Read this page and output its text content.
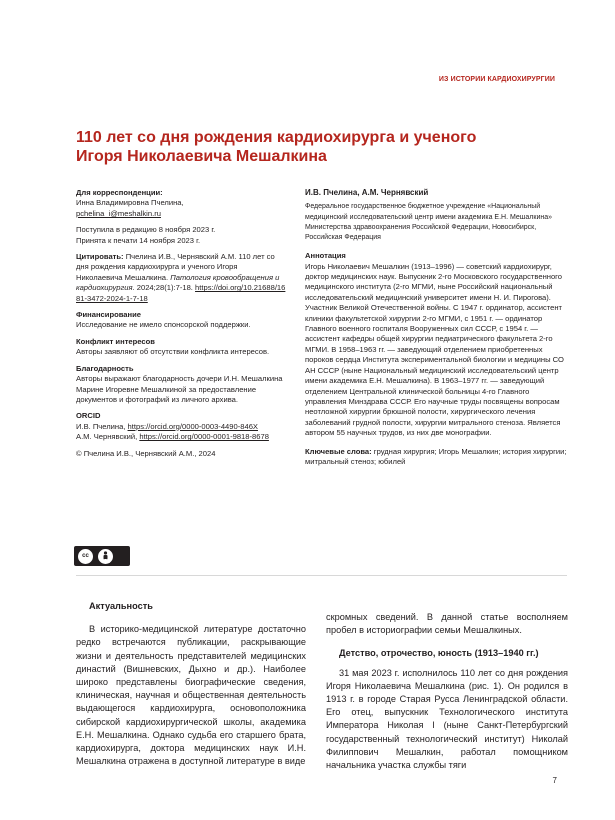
ИЗ ИСТОРИИ КАРДИОХИРУРГИИ
110 лет со дня рождения кардиохирурга и ученого Игоря Николаевича Мешалкина
Для корреспонденции:
Инна Владимировна Пчелина,
pchelina_i@meshalkin.ru
Поступила в редакцию 8 ноября 2023 г.
Принята к печати 14 ноября 2023 г.
Цитировать: Пчелина И.В., Чернявский А.М. 110 лет со дня рождения кардиохирурга и ученого Игоря Николаевича Мешалкина. Патология кровообращения и кардиохирургия. 2024;28(1):7-18. https://doi.org/10.21688/1681-3472-2024-1-7-18
Финансирование
Исследование не имело спонсорской поддержки.
Конфликт интересов
Авторы заявляют об отсутствии конфликта интересов.
Благодарность
Авторы выражают благодарность дочери И.Н. Мешалкина Марине Игоревне Мешалкиной за предоставление документов и фотографий из личного архива.
ORCID
И.В. Пчелина, https://orcid.org/0000-0003-4490-846X
А.М. Чернявский, https://orcid.org/0000-0001-9818-8678
© Пчелина И.В., Чернявский А.М., 2024
И.В. Пчелина, А.М. Чернявский
Федеральное государственное бюджетное учреждение «Национальный медицинский исследовательский центр имени академика Е.Н. Мешалкина» Министерства здравоохранения Российской Федерации, Новосибирск, Российская Федерация
Аннотация
Игорь Николаевич Мешалкин (1913–1996) — советский кардиохирург, доктор медицинских наук. Выпускник 2-го Московского государственного медицинского института (2-го МГМИ, ныне Российский национальный исследовательский медицинский университет имени Н. И. Пирогова). Участник Великой Отечественной войны. С 1947 г. ординатор, ассистент клиники факультетской хирургии 2-го МГМИ, с 1951 г. — ординатор Главного военного госпиталя Вооруженных сил СССР, с 1954 г. — ассистент кафедры общей хирургии педиатрического факультета 2-го МГМИ. В 1958–1963 гг. — заведующий отделением приобретенных пороков сердца Института экспериментальной биологии и медицины СО АН СССР (ныне Национальный медицинский исследовательский центр имени академика Е.Н. Мешалкина). В 1963–1977 гг. — заведующий отделением Центральной клинической больницы 4-го Главного управления Минздрава СССР. Его научные труды посвящены вопросам неотложной хирургии брюшной полости, хирургического лечения заболеваний грудной полости, хирургии митрального стеноза. Является автором 55 научных трудов, из них две монографии.
Ключевые слова: грудная хирургия; Игорь Мешалкин; история хирургии; митральный стеноз; юбилей
cc
BY
Актуальность

В историко-медицинской литературе достаточно редко встречаются публикации, раскрывающие жизни и деятельность представителей медицинских династий (Вишневских, Дыхно и др.). Наиболее широко представлены биографические сведения, клиническая, научная и общественная деятельность выдающегося кардиохирурга, основоположника сибирской кардиохирургической школы, академика Е.Н. Мешалкина. Однако судьба его старшего брата, кардиохирурга, доктора медицинских наук И.Н. Мешалкина отражена в доступной литературе в виде

скромных сведений. В данной статье восполняем пробел в историографии семьи Мешалкиных.

Детство, отрочество, юность (1913–1940 гг.)

31 мая 2023 г. исполнилось 110 лет со дня рождения Игоря Николаевича Мешалкина (рис. 1). Он родился в 1913 г. в городе Старая Русса Ленинградской области. Его отец, выпускник Технологического института Императора Николая I (ныне Санкт-Петербургский государственный технологический институт) Николай Филиппович Мешалкин, работал помощником начальника участка службы тяги

7
